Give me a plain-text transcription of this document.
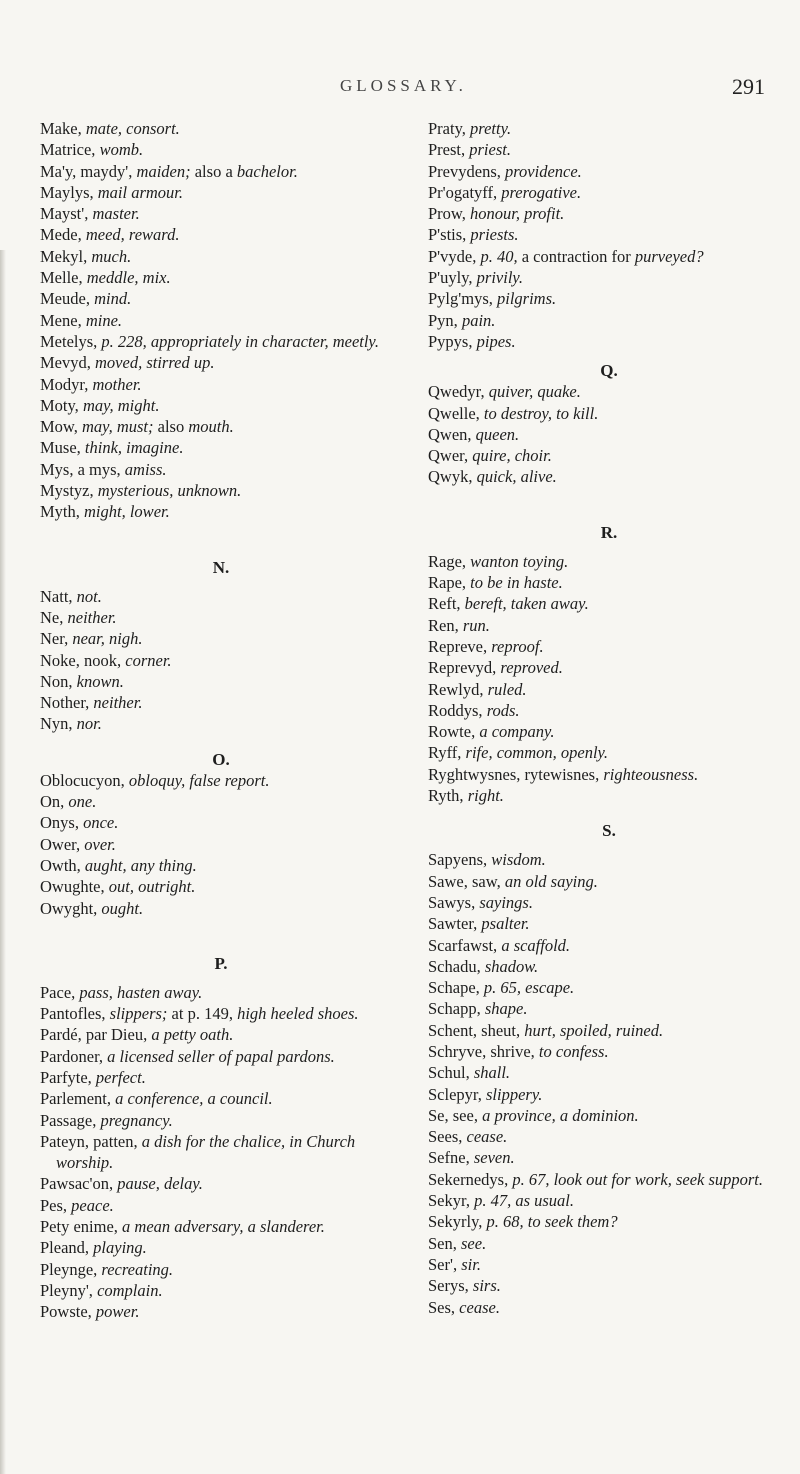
GLOSSARY.	291
Make, mate, consort.
Matrice, womb.
Ma'y, maydy', maiden; also a bachelor.
Maylys, mail armour.
Mayst', master.
Mede, meed, reward.
Mekyl, much.
Melle, meddle, mix.
Meude, mind.
Mene, mine.
Metelys, p. 228, appropriately in character, meetly.
Mevyd, moved, stirred up.
Modyr, mother.
Moty, may, might.
Mow, may, must; also mouth.
Muse, think, imagine.
Mys, a mys, amiss.
Mystyz, mysterious, unknown.
Myth, might, lower.
N.
Natt, not.
Ne, neither.
Ner, near, nigh.
Noke, nook, corner.
Non, known.
Nother, neither.
Nyn, nor.
O.
Oblocucyon, obloquy, false report.
On, one.
Onys, once.
Ower, over.
Owth, aught, any thing.
Owughte, out, outright.
Owyght, ought.
P.
Pace, pass, hasten away.
Pantofles, slippers; at p. 149, high heeled shoes.
Pardé, par Dieu, a petty oath.
Pardoner, a licensed seller of papal pardons.
Parfyte, perfect.
Parlement, a conference, a council.
Passage, pregnancy.
Pateyn, patten, a dish for the chalice, in Church worship.
Pawsac'on, pause, delay.
Pes, peace.
Pety enime, a mean adversary, a slanderer.
Pleand, playing.
Pleynge, recreating.
Pleyny', complain.
Powste, power.
Praty, pretty.
Prest, priest.
Prevydens, providence.
Pr'ogatyff, prerogative.
Prow, honour, profit.
P'stis, priests.
P'vyde, p. 40, a contraction for purveyed?
P'uyly, privily.
Pylg'mys, pilgrims.
Pyn, pain.
Pypys, pipes.
Q.
Qwedyr, quiver, quake.
Qwelle, to destroy, to kill.
Qwen, queen.
Qwer, quire, choir.
Qwyk, quick, alive.
R.
Rage, wanton toying.
Rape, to be in haste.
Reft, bereft, taken away.
Ren, run.
Repreve, reproof.
Reprevyd, reproved.
Rewlyd, ruled.
Roddys, rods.
Rowte, a company.
Ryff, rife, common, openly.
Ryghtwysnes, rytewisnes, righteousness.
Ryth, right.
S.
Sapyens, wisdom.
Sawe, saw, an old saying.
Sawys, sayings.
Sawter, psalter.
Scarfawst, a scaffold.
Schadu, shadow.
Schape, p. 65, escape.
Schapp, shape.
Schent, sheut, hurt, spoiled, ruined.
Schryve, shrive, to confess.
Schul, shall.
Sclepyr, slippery.
Se, see, a province, a dominion.
Sees, cease.
Sefne, seven.
Sekernedys, p. 67, look out for work, seek support.
Sekyr, p. 47, as usual.
Sekyrly, p. 68, to seek them?
Sen, see.
Ser', sir.
Serys, sirs.
Ses, cease.
